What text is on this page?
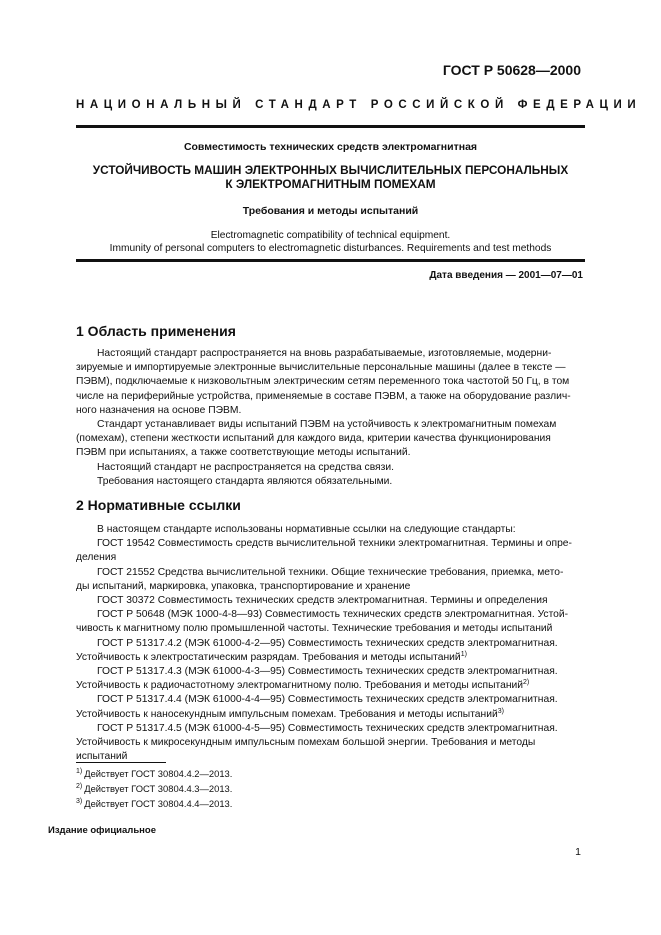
ГОСТ Р 50628—2000
НАЦИОНАЛЬНЫЙ СТАНДАРТ РОССИЙСКОЙ ФЕДЕРАЦИИ
Совместимость технических средств электромагнитная
УСТОЙЧИВОСТЬ МАШИН ЭЛЕКТРОННЫХ ВЫЧИСЛИТЕЛЬНЫХ ПЕРСОНАЛЬНЫХ
К ЭЛЕКТРОМАГНИТНЫМ ПОМЕХАМ
Требования и методы испытаний
Electromagnetic compatibility of technical equipment.
Immunity of personal computers to electromagnetic disturbances. Requirements and test methods
Дата введения — 2001—07—01
1 Область применения
Настоящий стандарт распространяется на вновь разрабатываемые, изготовляемые, модерни-
зируемые и импортируемые электронные вычислительные персональные машины (далее в тексте —
ПЭВМ), подключаемые к низковольтным электрическим сетям переменного тока частотой 50 Гц, в том
числе на периферийные устройства, применяемые в составе ПЭВМ, а также на оборудование различ-
ного назначения на основе ПЭВМ.
Стандарт устанавливает виды испытаний ПЭВМ на устойчивость к электромагнитным помехам
(помехам), степени жесткости испытаний для каждого вида, критерии качества функционирования
ПЭВМ при испытаниях, а также соответствующие методы испытаний.
Настоящий стандарт не распространяется на средства связи.
Требования настоящего стандарта являются обязательными.
2 Нормативные ссылки
В настоящем стандарте использованы нормативные ссылки на следующие стандарты:
ГОСТ 19542 Совместимость средств вычислительной техники электромагнитная. Термины и опре-
деления
ГОСТ 21552 Средства вычислительной техники. Общие технические требования, приемка, мето-
ды испытаний, маркировка, упаковка, транспортирование и хранение
ГОСТ 30372 Совместимость технических средств электромагнитная. Термины и определения
ГОСТ Р 50648 (МЭК 1000-4-8—93) Совместимость технических средств электромагнитная. Устой-
чивость к магнитному полю промышленной частоты. Технические требования и методы испытаний
ГОСТ Р 51317.4.2 (МЭК 61000-4-2—95) Совместимость технических средств электромагнитная.
Устойчивость к электростатическим разрядам. Требования и методы испытаний$^{1)}$
ГОСТ Р 51317.4.3 (МЭК 61000-4-3—95) Совместимость технических средств электромагнитная.
Устойчивость к радиочастотному электромагнитному полю. Требования и методы испытаний$^{2)}$
ГОСТ Р 51317.4.4 (МЭК 61000-4-4—95) Совместимость технических средств электромагнитная.
Устойчивость к наносекундным импульсным помехам. Требования и методы испытаний$^{3)}$
ГОСТ Р 51317.4.5 (МЭК 61000-4-5—95) Совместимость технических средств электромагнитная.
Устойчивость к микросекундным импульсным помехам большой энергии. Требования и методы
испытаний
$^{1)}$ Действует ГОСТ 30804.4.2—2013.
$^{2)}$ Действует ГОСТ 30804.4.3—2013.
$^{3)}$ Действует ГОСТ 30804.4.4—2013.
Издание официальное
1
